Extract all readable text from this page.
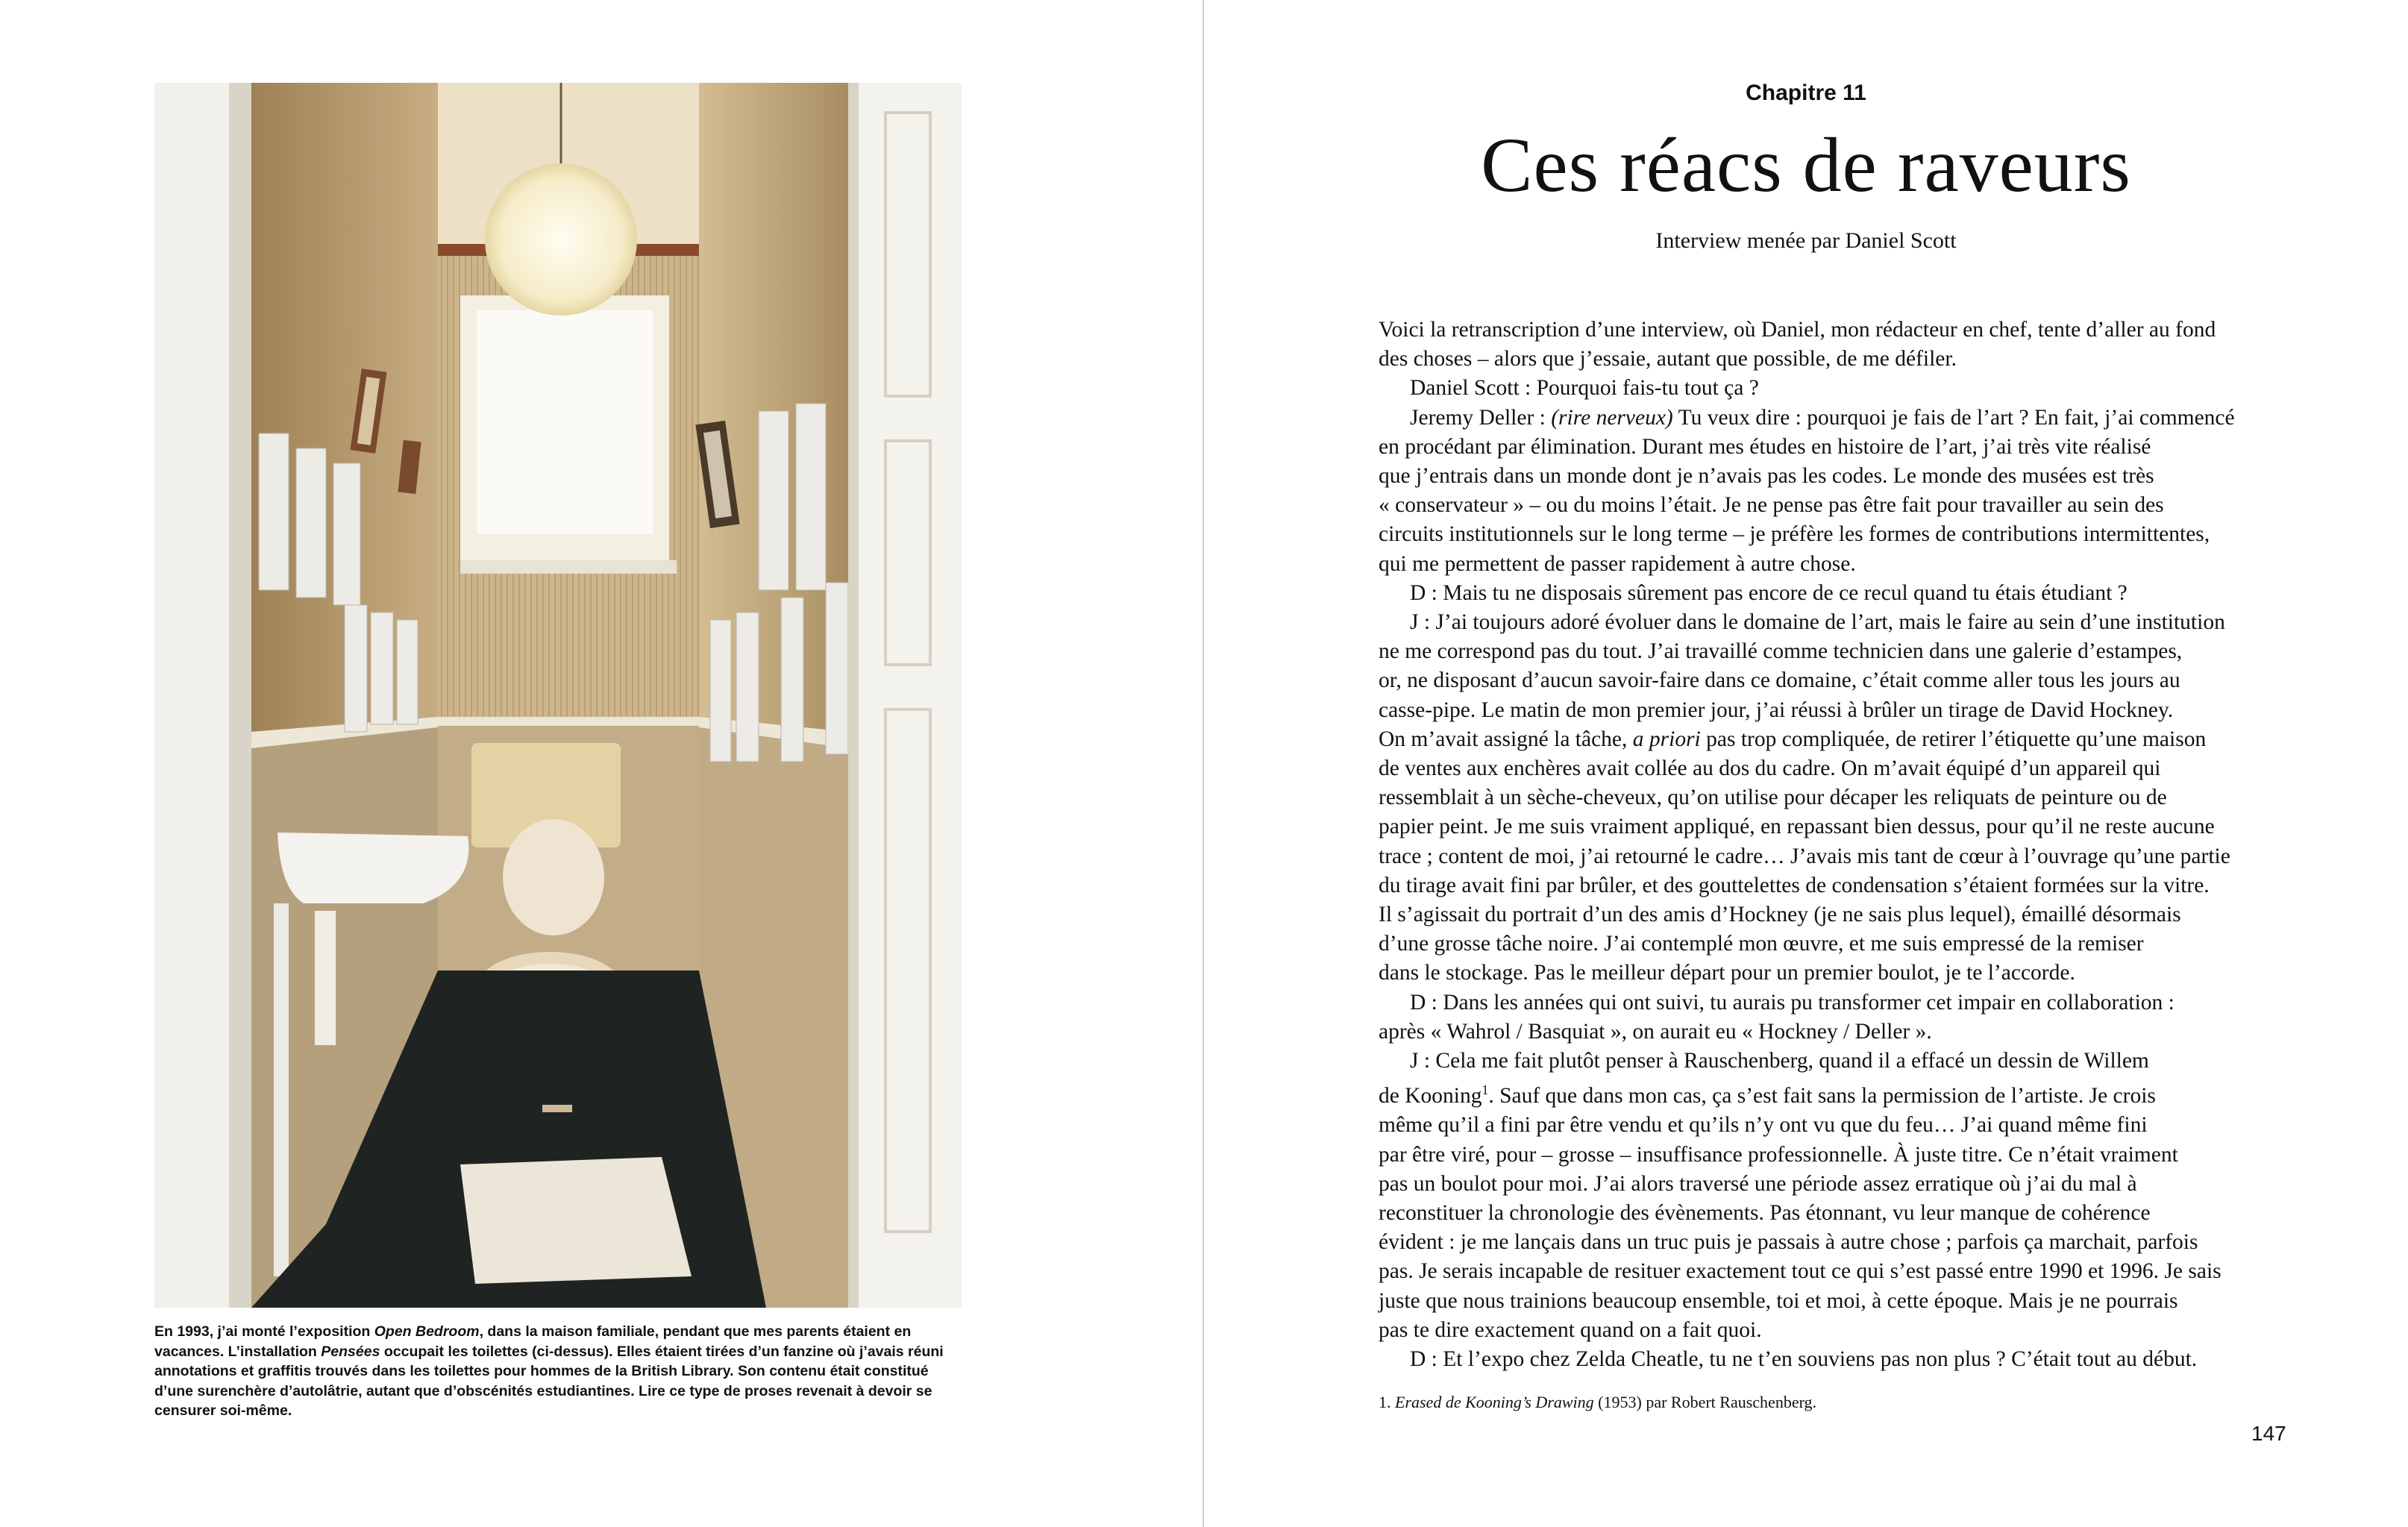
En 1993, j’ai monté l’exposition Open Bedroom, dans la maison familiale, pendant que mes parents étaient en vacances. L’installation Pensées occupait les toilettes (ci-dessus). Elles étaient tirées d’un fanzine où j’avais réuni annotations et graffitis trouvés dans les toilettes pour hommes de la British Library. Son contenu était constitué d’une surenchère d’autolâtrie, autant que d’obscénités estudiantines. Lire ce type de proses revenait à devoir se censurer soi-même.
Chapitre 11
Ces réacs de raveurs
Interview menée par Daniel Scott
Voici la retranscription d’une interview, où Daniel, mon rédacteur en chef, tente d’aller au fond
des choses – alors que j’essaie, autant que possible, de me défiler.
Daniel Scott : Pourquoi fais-tu tout ça ?
Jeremy Deller : (rire nerveux) Tu veux dire : pourquoi je fais de l’art ? En fait, j’ai commencé
en procédant par élimination. Durant mes études en histoire de l’art, j’ai très vite réalisé
que j’entrais dans un monde dont je n’avais pas les codes. Le monde des musées est très
« conservateur » – ou du moins l’était. Je ne pense pas être fait pour travailler au sein des
circuits institutionnels sur le long terme – je préfère les formes de contributions intermittentes,
qui me permettent de passer rapidement à autre chose.
D : Mais tu ne disposais sûrement pas encore de ce recul quand tu étais étudiant ?
J : J’ai toujours adoré évoluer dans le domaine de l’art, mais le faire au sein d’une institution
ne me correspond pas du tout. J’ai travaillé comme technicien dans une galerie d’estampes,
or, ne disposant d’aucun savoir-faire dans ce domaine, c’était comme aller tous les jours au
casse-pipe. Le matin de mon premier jour, j’ai réussi à brûler un tirage de David Hockney.
On m’avait assigné la tâche, a priori pas trop compliquée, de retirer l’étiquette qu’une maison
de ventes aux enchères avait collée au dos du cadre. On m’avait équipé d’un appareil qui
ressemblait à un sèche-cheveux, qu’on utilise pour décaper les reliquats de peinture ou de
papier peint. Je me suis vraiment appliqué, en repassant bien dessus, pour qu’il ne reste aucune
trace ; content de moi, j’ai retourné le cadre… J’avais mis tant de cœur à l’ouvrage qu’une partie
du tirage avait fini par brûler, et des gouttelettes de condensation s’étaient formées sur la vitre.
Il s’agissait du portrait d’un des amis d’Hockney (je ne sais plus lequel), émaillé désormais
d’une grosse tâche noire. J’ai contemplé mon œuvre, et me suis empressé de la remiser
dans le stockage. Pas le meilleur départ pour un premier boulot, je te l’accorde.
D : Dans les années qui ont suivi, tu aurais pu transformer cet impair en collaboration :
après « Wahrol / Basquiat », on aurait eu « Hockney / Deller ».
J : Cela me fait plutôt penser à Rauschenberg, quand il a effacé un dessin de Willem
de Kooning$^1$. Sauf que dans mon cas, ça s’est fait sans la permission de l’artiste. Je crois
même qu’il a fini par être vendu et qu’ils n’y ont vu que du feu… J’ai quand même fini
par être viré, pour – grosse – insuffisance professionnelle. À juste titre. Ce n’était vraiment
pas un boulot pour moi. J’ai alors traversé une période assez erratique où j’ai du mal à
reconstituer la chronologie des évènements. Pas étonnant, vu leur manque de cohérence
évident : je me lançais dans un truc puis je passais à autre chose ; parfois ça marchait, parfois
pas. Je serais incapable de resituer exactement tout ce qui s’est passé entre 1990 et 1996. Je sais
juste que nous trainions beaucoup ensemble, toi et moi, à cette époque. Mais je ne pourrais
pas te dire exactement quand on a fait quoi.
D : Et l’expo chez Zelda Cheatle, tu ne t’en souviens pas non plus ? C’était tout au début.
1. Erased de Kooning’s Drawing (1953) par Robert Rauschenberg.
147
